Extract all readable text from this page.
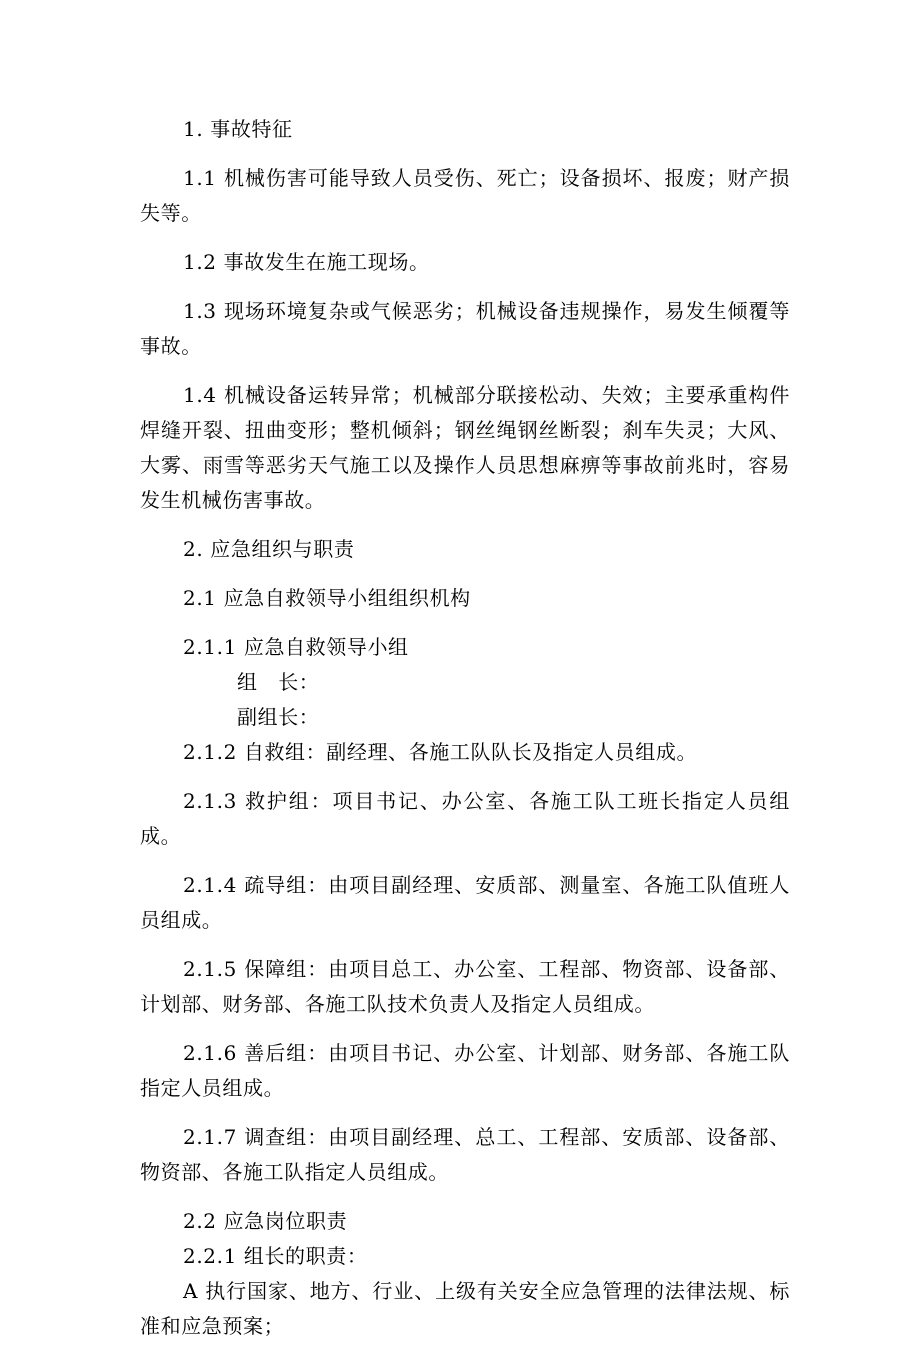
1. 事故特征

1.1 机械伤害可能导致人员受伤、死亡；设备损坏、报废；财产损失等。

1.2 事故发生在施工现场。

1.3 现场环境复杂或气候恶劣；机械设备违规操作，易发生倾覆等事故。

1.4 机械设备运转异常；机械部分联接松动、失效；主要承重构件焊缝开裂、扭曲变形；整机倾斜；钢丝绳钢丝断裂；刹车失灵；大风、大雾、雨雪等恶劣天气施工以及操作人员思想麻痹等事故前兆时，容易发生机械伤害事故。

2. 应急组织与职责

2.1 应急自救领导小组组织机构

2.1.1 应急自救领导小组

组　长：

副组长：

2.1.2 自救组：副经理、各施工队队长及指定人员组成。

2.1.3 救护组：项目书记、办公室、各施工队工班长指定人员组成。

2.1.4 疏导组：由项目副经理、安质部、测量室、各施工队值班人员组成。

2.1.5 保障组：由项目总工、办公室、工程部、物资部、设备部、计划部、财务部、各施工队技术负责人及指定人员组成。

2.1.6 善后组：由项目书记、办公室、计划部、财务部、各施工队指定人员组成。

2.1.7 调查组：由项目副经理、总工、工程部、安质部、设备部、物资部、各施工队指定人员组成。

2.2 应急岗位职责

2.2.1 组长的职责：

A 执行国家、地方、行业、上级有关安全应急管理的法律法规、标准和应急预案；
